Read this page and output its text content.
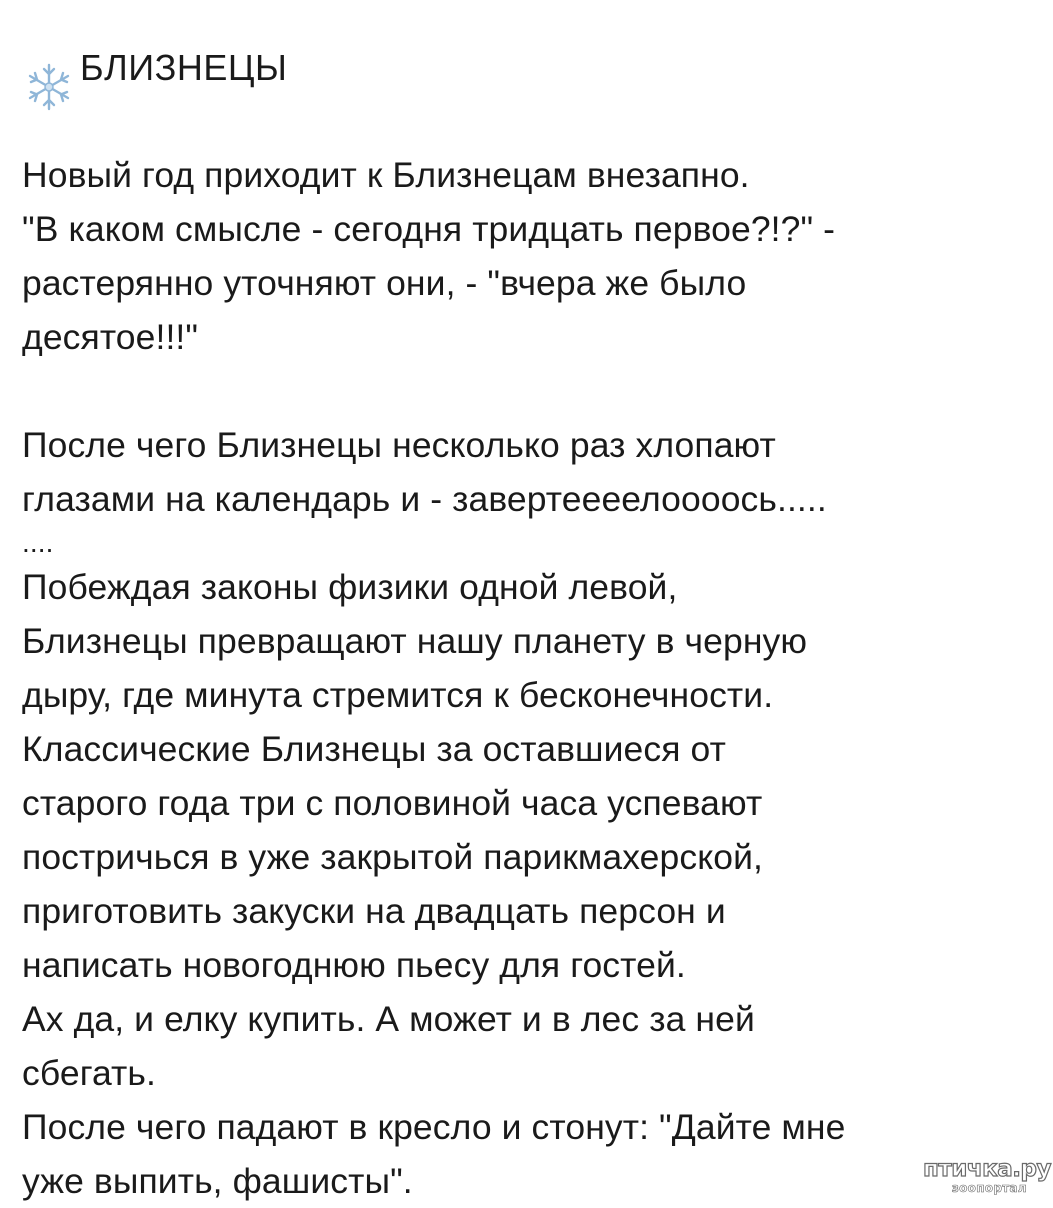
БЛИЗНЕЦЫ
Новый год приходит к Близнецам внезапно.
"В каком смысле - сегодня тридцать первое?!?" -
растерянно уточняют они, - "вчера же было
десятое!!!"
После чего Близнецы несколько раз хлопают
глазами на календарь и - завертеееелоооось.....
....
Побеждая законы физики одной левой,
Близнецы превращают нашу планету в черную
дыру, где минута стремится к бесконечности.
Классические Близнецы за оставшиеся от
старого года три с половиной часа успевают
постричься в уже закрытой парикмахерской,
приготовить закуски на двадцать персон и
написать новогоднюю пьесу для гостей.
Ах да, и елку купить. А может и в лес за ней
сбегать.
После чего падают в кресло и стонут: "Дайте мне
уже выпить, фашисты".	птичка.ру
зоопортал
